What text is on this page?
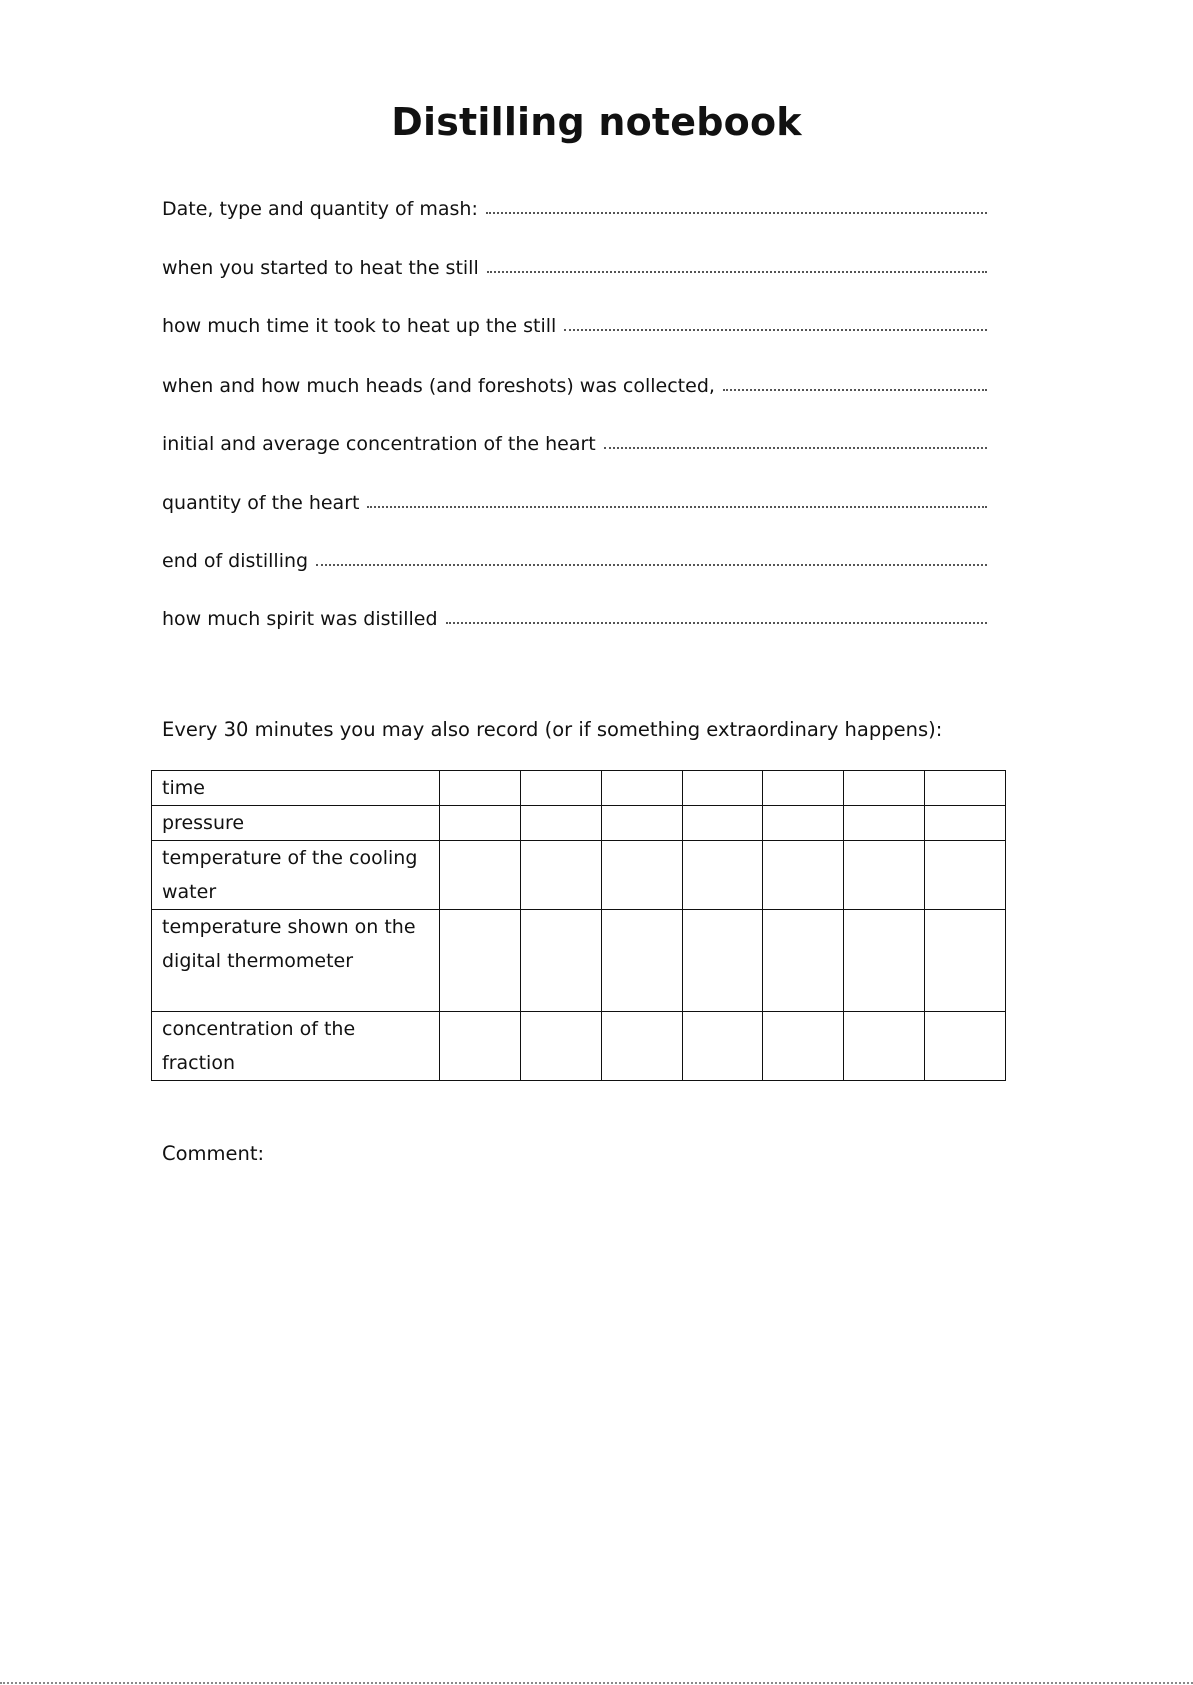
Distilling notebook
Date, type and quantity of mash:
when you started to heat the still
how much time it took to heat up the still
when and how much heads (and foreshots) was collected,
initial and average concentration of the heart
quantity of the heart
end of distilling
how much spirit was distilled
Every 30 minutes you may also record (or if something extraordinary happens):
time							
pressure							
temperature of the cooling water							
temperature shown on the digital thermometer							
concentration of the fraction							
Comment:
